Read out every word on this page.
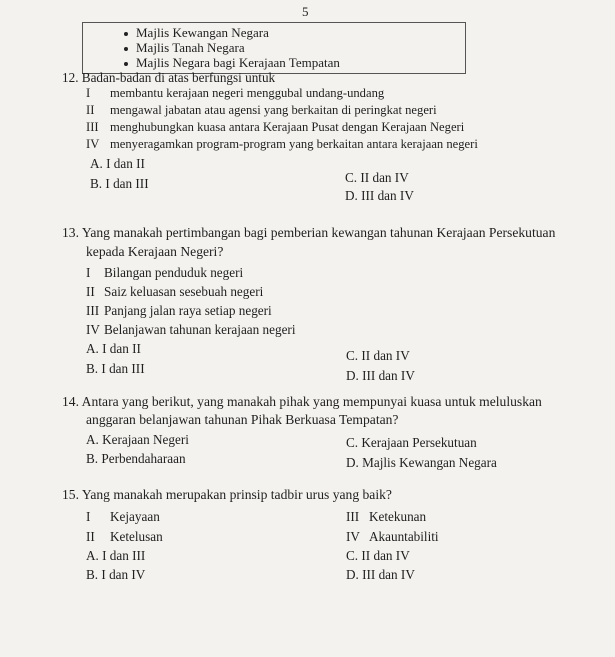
5
Majlis Kewangan Negara
Majlis Tanah Negara
Majlis Negara bagi Kerajaan Tempatan
12. Badan-badan di atas berfungsi untuk
I membantu kerajaan negeri menggubal undang-undang
II mengawal jabatan atau agensi yang berkaitan di peringkat negeri
III menghubungkan kuasa antara Kerajaan Pusat dengan Kerajaan Negeri
IV menyeragamkan program-program yang berkaitan antara kerajaan negeri
A. I dan II
B. I dan III	C. II dan IV
D. III dan IV
13. Yang manakah pertimbangan bagi pemberian kewangan tahunan Kerajaan Persekutuan
kepada Kerajaan Negeri?
I Bilangan penduduk negeri
II Saiz keluasan sesebuah negeri
III Panjang jalan raya setiap negeri
IV Belanjawan tahunan kerajaan negeri
A. I dan II
B. I dan III
C. II dan IV
D. III dan IV
14. Antara yang berikut, yang manakah pihak yang mempunyai kuasa untuk meluluskan
anggaran belanjawan tahunan Pihak Berkuasa Tempatan?
A. Kerajaan Negeri
B. Perbendaharaan
C. Kerajaan Persekutuan
D. Majlis Kewangan Negara
15. Yang manakah merupakan prinsip tadbir urus yang baik?
I Kejayaan
II Ketelusan
III Ketekunan
IV Akauntabiliti
A. I dan III
B. I dan IV
C. II dan IV
D. III dan IV
